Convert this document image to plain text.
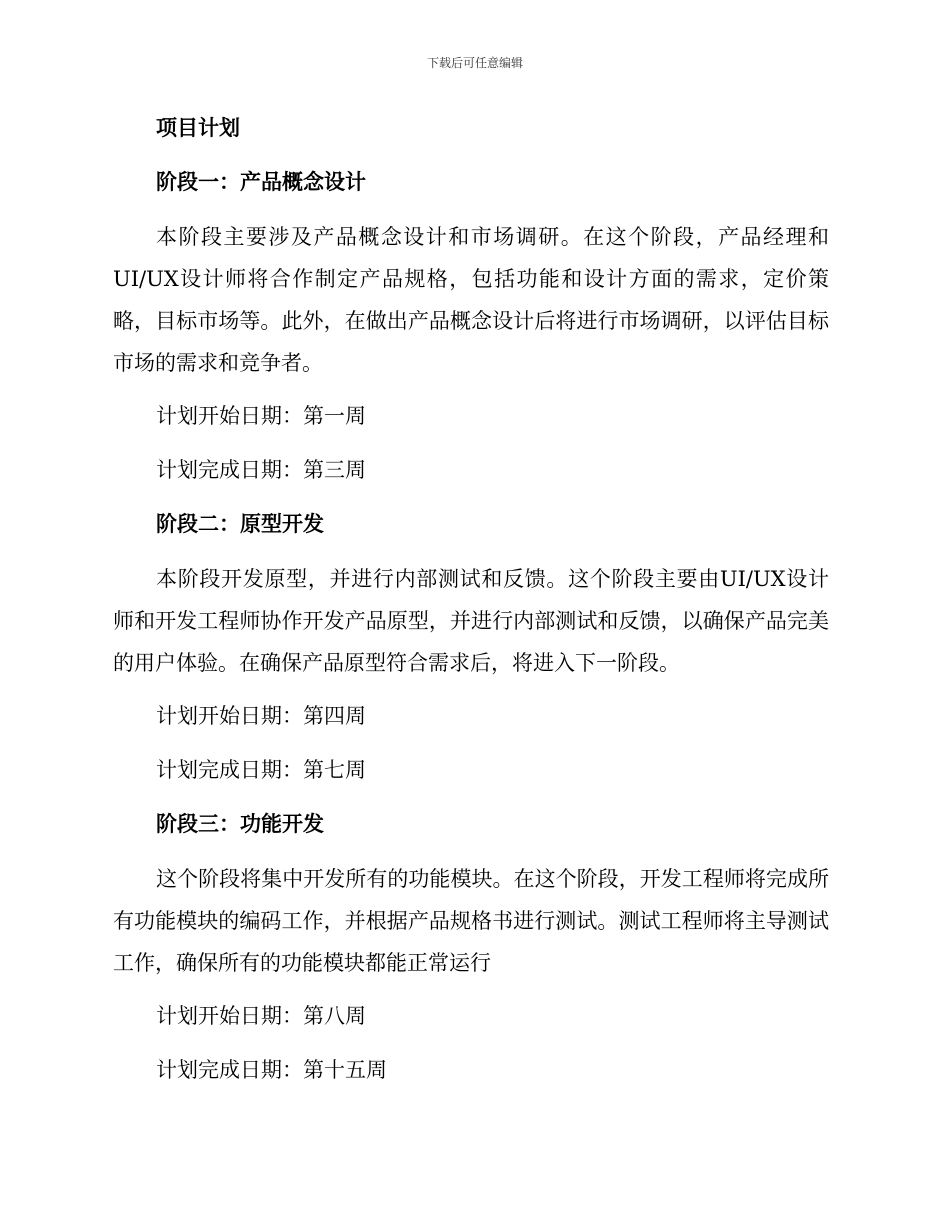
下载后可任意编辑
项目计划
阶段一：产品概念设计

本阶段主要涉及产品概念设计和市场调研。在这个阶段，产品经理和UI/UX设计师将合作制定产品规格，包括功能和设计方面的需求，定价策略，目标市场等。此外，在做出产品概念设计后将进行市场调研，以评估目标市场的需求和竞争者。

计划开始日期：第一周
计划完成日期：第三周
阶段二：原型开发

本阶段开发原型，并进行内部测试和反馈。这个阶段主要由UI/UX设计师和开发工程师协作开发产品原型，并进行内部测试和反馈，以确保产品完美的用户体验。在确保产品原型符合需求后，将进入下一阶段。

计划开始日期：第四周
计划完成日期：第七周
阶段三：功能开发

这个阶段将集中开发所有的功能模块。在这个阶段，开发工程师将完成所有功能模块的编码工作，并根据产品规格书进行测试。测试工程师将主导测试工作，确保所有的功能模块都能正常运行

计划开始日期：第八周
计划完成日期：第十五周
